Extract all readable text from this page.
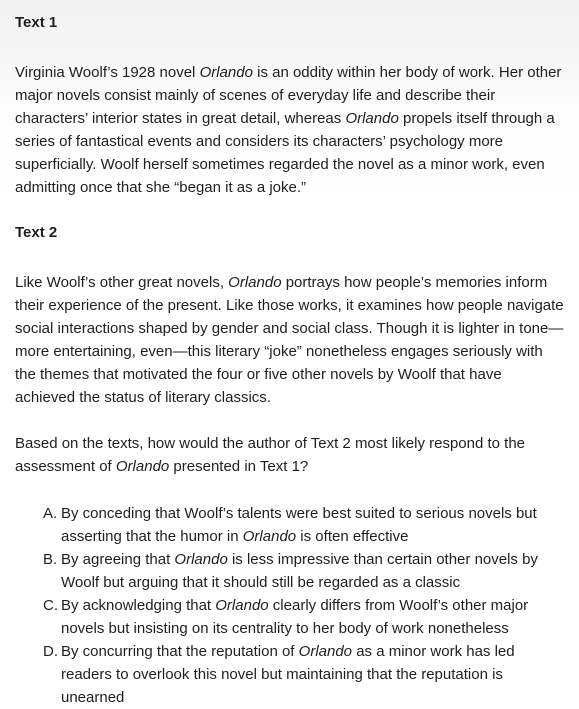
Text 1

Virginia Woolf’s 1928 novel Orlando is an oddity within her body of work. Her other major novels consist mainly of scenes of everyday life and describe their characters’ interior states in great detail, whereas Orlando propels itself through a series of fantastical events and considers its characters’ psychology more superficially. Woolf herself sometimes regarded the novel as a minor work, even admitting once that she “began it as a joke.”

Text 2

Like Woolf’s other great novels, Orlando portrays how people’s memories inform their experience of the present. Like those works, it examines how people navigate social interactions shaped by gender and social class. Though it is lighter in tone—more entertaining, even—this literary “joke” nonetheless engages seriously with the themes that motivated the four or five other novels by Woolf that have achieved the status of literary classics.

Based on the texts, how would the author of Text 2 most likely respond to the assessment of Orlando presented in Text 1?

A. By conceding that Woolf’s talents were best suited to serious novels but asserting that the humor in Orlando is often effective
B. By agreeing that Orlando is less impressive than certain other novels by Woolf but arguing that it should still be regarded as a classic
C. By acknowledging that Orlando clearly differs from Woolf’s other major novels but insisting on its centrality to her body of work nonetheless
D. By concurring that the reputation of Orlando as a minor work has led readers to overlook this novel but maintaining that the reputation is unearned
